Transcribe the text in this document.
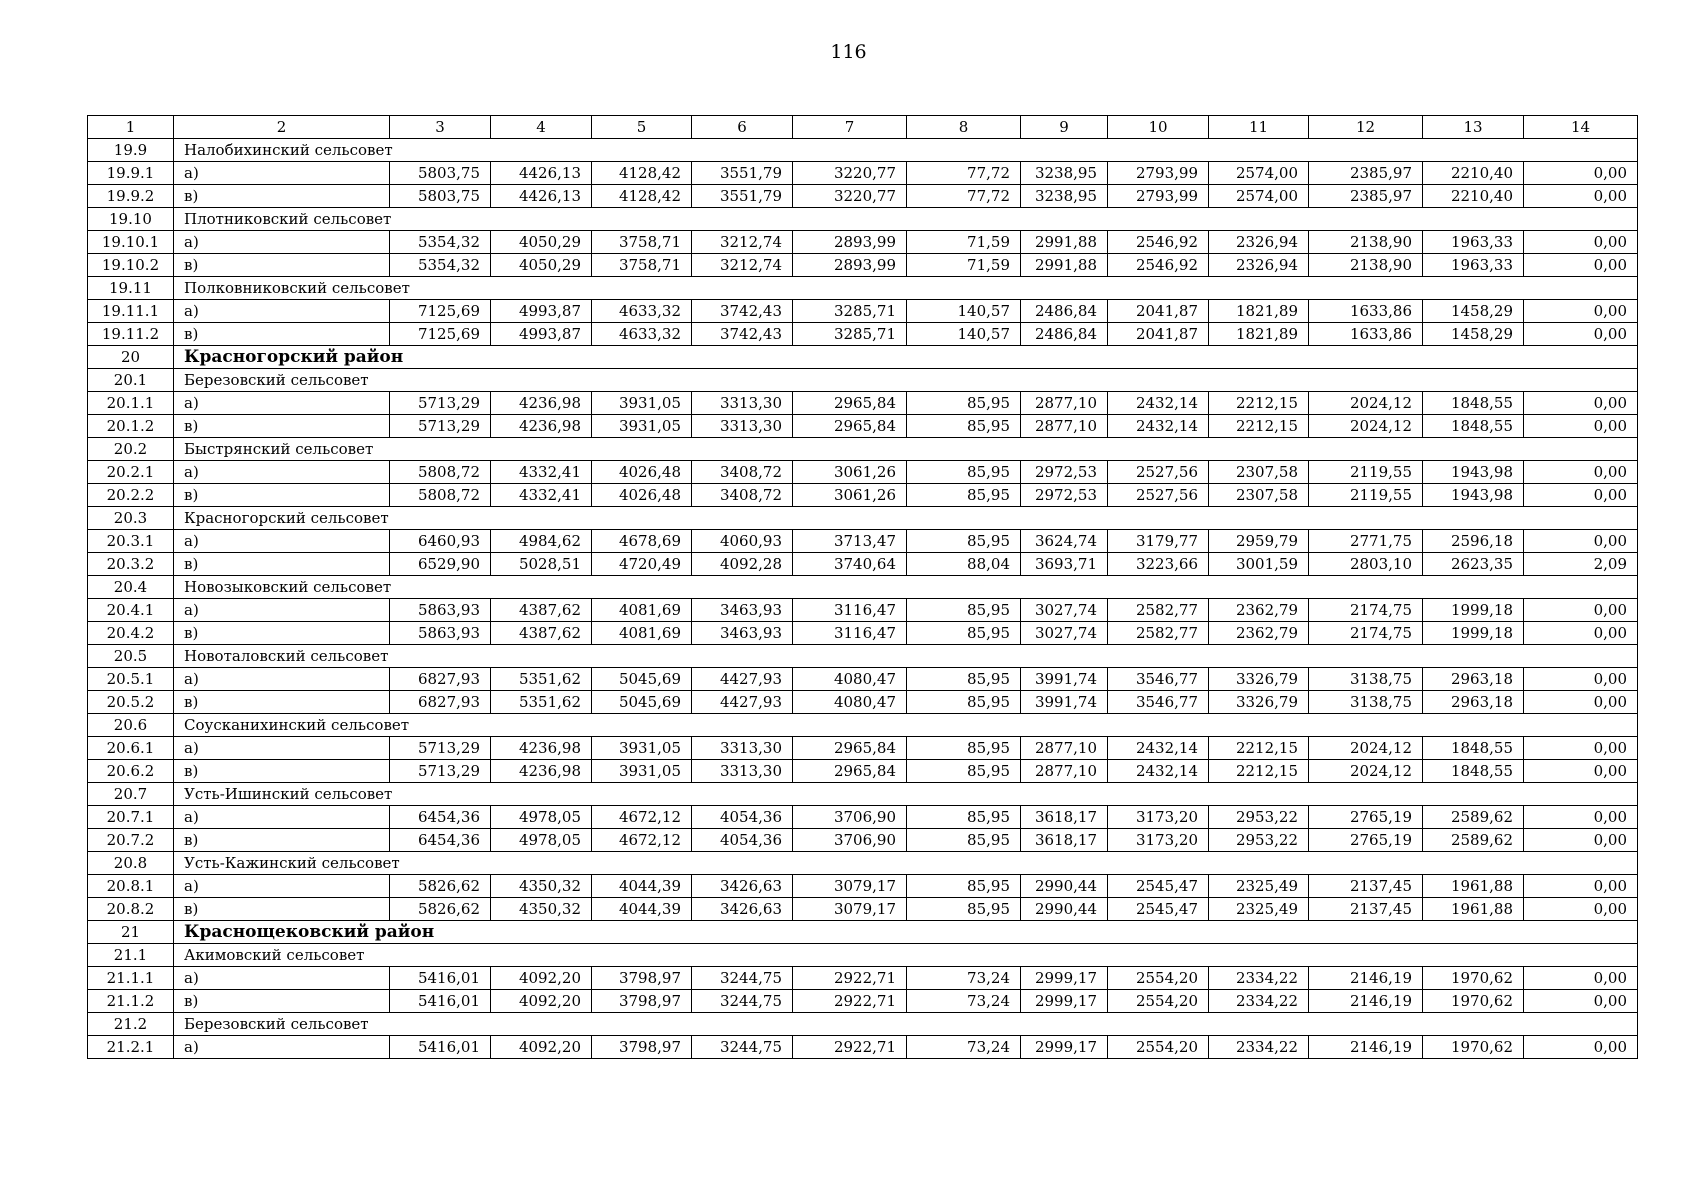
116
1	2	3	4	5	6	7	8	9	10	11	12	13	14
19.9	Налобихинский сельсовет												
19.9.1	а)	5803,75	4426,13	4128,42	3551,79	3220,77	77,72	3238,95	2793,99	2574,00	2385,97	2210,40	0,00
19.9.2	в)	5803,75	4426,13	4128,42	3551,79	3220,77	77,72	3238,95	2793,99	2574,00	2385,97	2210,40	0,00
19.10	Плотниковский сельсовет												
19.10.1	а)	5354,32	4050,29	3758,71	3212,74	2893,99	71,59	2991,88	2546,92	2326,94	2138,90	1963,33	0,00
19.10.2	в)	5354,32	4050,29	3758,71	3212,74	2893,99	71,59	2991,88	2546,92	2326,94	2138,90	1963,33	0,00
19.11	Полковниковский сельсовет												
19.11.1	а)	7125,69	4993,87	4633,32	3742,43	3285,71	140,57	2486,84	2041,87	1821,89	1633,86	1458,29	0,00
19.11.2	в)	7125,69	4993,87	4633,32	3742,43	3285,71	140,57	2486,84	2041,87	1821,89	1633,86	1458,29	0,00
20	Красногорский район												
20.1	Березовский сельсовет												
20.1.1	а)	5713,29	4236,98	3931,05	3313,30	2965,84	85,95	2877,10	2432,14	2212,15	2024,12	1848,55	0,00
20.1.2	в)	5713,29	4236,98	3931,05	3313,30	2965,84	85,95	2877,10	2432,14	2212,15	2024,12	1848,55	0,00
20.2	Быстрянский сельсовет												
20.2.1	а)	5808,72	4332,41	4026,48	3408,72	3061,26	85,95	2972,53	2527,56	2307,58	2119,55	1943,98	0,00
20.2.2	в)	5808,72	4332,41	4026,48	3408,72	3061,26	85,95	2972,53	2527,56	2307,58	2119,55	1943,98	0,00
20.3	Красногорский сельсовет												
20.3.1	а)	6460,93	4984,62	4678,69	4060,93	3713,47	85,95	3624,74	3179,77	2959,79	2771,75	2596,18	0,00
20.3.2	в)	6529,90	5028,51	4720,49	4092,28	3740,64	88,04	3693,71	3223,66	3001,59	2803,10	2623,35	2,09
20.4	Новозыковский сельсовет												
20.4.1	а)	5863,93	4387,62	4081,69	3463,93	3116,47	85,95	3027,74	2582,77	2362,79	2174,75	1999,18	0,00
20.4.2	в)	5863,93	4387,62	4081,69	3463,93	3116,47	85,95	3027,74	2582,77	2362,79	2174,75	1999,18	0,00
20.5	Новоталовский сельсовет												
20.5.1	а)	6827,93	5351,62	5045,69	4427,93	4080,47	85,95	3991,74	3546,77	3326,79	3138,75	2963,18	0,00
20.5.2	в)	6827,93	5351,62	5045,69	4427,93	4080,47	85,95	3991,74	3546,77	3326,79	3138,75	2963,18	0,00
20.6	Соусканихинский сельсовет												
20.6.1	а)	5713,29	4236,98	3931,05	3313,30	2965,84	85,95	2877,10	2432,14	2212,15	2024,12	1848,55	0,00
20.6.2	в)	5713,29	4236,98	3931,05	3313,30	2965,84	85,95	2877,10	2432,14	2212,15	2024,12	1848,55	0,00
20.7	Усть-Ишинский сельсовет												
20.7.1	а)	6454,36	4978,05	4672,12	4054,36	3706,90	85,95	3618,17	3173,20	2953,22	2765,19	2589,62	0,00
20.7.2	в)	6454,36	4978,05	4672,12	4054,36	3706,90	85,95	3618,17	3173,20	2953,22	2765,19	2589,62	0,00
20.8	Усть-Кажинский сельсовет												
20.8.1	а)	5826,62	4350,32	4044,39	3426,63	3079,17	85,95	2990,44	2545,47	2325,49	2137,45	1961,88	0,00
20.8.2	в)	5826,62	4350,32	4044,39	3426,63	3079,17	85,95	2990,44	2545,47	2325,49	2137,45	1961,88	0,00
21	Краснощековский район												
21.1	Акимовский сельсовет												
21.1.1	а)	5416,01	4092,20	3798,97	3244,75	2922,71	73,24	2999,17	2554,20	2334,22	2146,19	1970,62	0,00
21.1.2	в)	5416,01	4092,20	3798,97	3244,75	2922,71	73,24	2999,17	2554,20	2334,22	2146,19	1970,62	0,00
21.2	Березовский сельсовет												
21.2.1	а)	5416,01	4092,20	3798,97	3244,75	2922,71	73,24	2999,17	2554,20	2334,22	2146,19	1970,62	0,00
